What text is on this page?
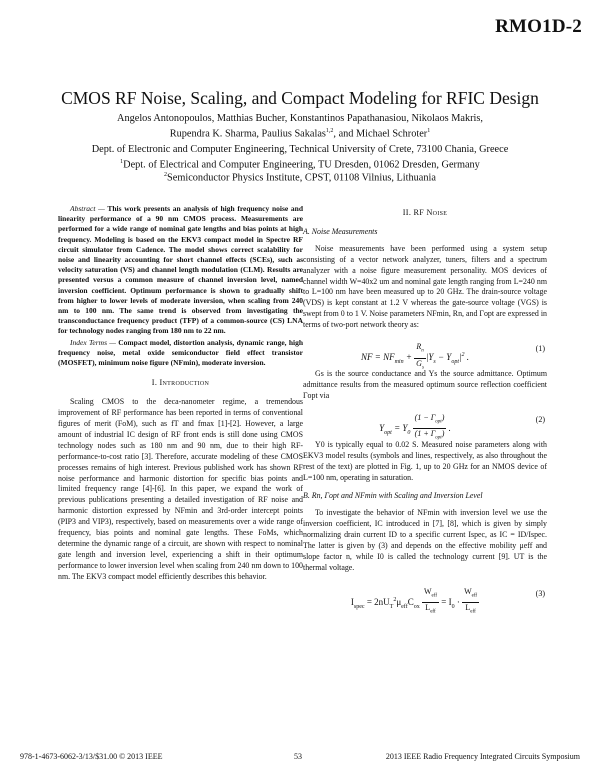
RMO1D-2
CMOS RF Noise, Scaling, and Compact Modeling for RFIC Design
Angelos Antonopoulos, Matthias Bucher, Konstantinos Papathanasiou, Nikolaos Makris,
Rupendra K. Sharma, Paulius Sakalas$^{1,2}$, and Michael Schroter$^1$
Dept. of Electronic and Computer Engineering, Technical University of Crete, 73100 Chania, Greece
$^1$Dept. of Electrical and Computer Engineering, TU Dresden, 01062 Dresden, Germany
$^2$Semiconductor Physics Institute, CPST, 01108 Vilnius, Lithuania

Abstract — This work presents an analysis of high frequency noise and linearity performance of a 90 nm CMOS process. Measurements are performed for a wide range of nominal gate lengths and bias points at high frequency. Modeling is based on the EKV3 compact model in Spectre RF circuit simulator from Cadence. The model shows correct scalability for noise and linearity accounting for short channel effects (SCEs), such as velocity saturation (VS) and channel length modulation (CLM). Results are presented versus a common measure of channel inversion level, named inversion coefficient. Optimum performance is shown to gradually shift from higher to lower levels of moderate inversion, when scaling from 240 nm to 100 nm. The same trend is observed from investigating the transconductance frequency product (TFP) of a common-source (CS) LNA for technology nodes ranging from 180 nm to 22 nm.

Index Terms — Compact model, distortion analysis, dynamic range, high frequency noise, metal oxide semiconductor field effect transistor (MOSFET), minimum noise figure (NFmin), moderate inversion.

I. Introduction

Scaling CMOS to the deca-nanometer regime, a tremendous improvement of RF performance has been reported in terms of conventional figures of merit (FoM), such as fT and fmax [1]-[2]. However, a large amount of industrial IC design of RF front ends is still done using CMOS technology nodes such as 180 nm and 90 nm, due to their high RF-performance-to-cost ratio [3]. Therefore, accurate modeling of these CMOS processes remains of high interest. Previous published work has shown RF noise performance and harmonic distortion for specific bias points and limited frequency range [4]-[6]. In this paper, we expand the work of previous publications presenting a detailed investigation of RF noise and harmonic distortion expressed by NFmin and 3rd-order intercept points (PIP3 and VIP3), respectively, based on measurements over a wide range of frequency, bias points and nominal gate lengths. These FoMs, which determine the dynamic range of a circuit, are shown with respect to nominal gate length and inversion level, experiencing a shift in their optimum performance to lower inversion level when scaling from 240 nm down to 100 nm. The EKV3 compact model efficiently describes this behavior.

II. RF Noise
A. Noise Measurements

Noise measurements have been performed using a system setup consisting of a vector network analyzer, tuners, filters and a spectrum analyzer with a noise figure measurement personality. MOS devices of channel width W=40x2 um and nominal gate length ranging from L=240 nm to L=100 nm have been measured up to 20 GHz. The drain-source voltage (VDS) is kept constant at 1.2 V whereas the gate-source voltage (VGS) is swept from 0 to 1 V. Noise parameters NFmin, Rn, and Γopt are expressed in terms of two-port network theory as:

NF = $NF_{min} + \frac{R_n}{G_s} |Y_s - Y_{opt}|^2$ .
(1)

Gs is the source conductance and Ys the source admittance. Optimum admittance results from the measured optimum source reflection coefficient Γopt via

$Y_{opt} = Y_0 \frac{(1 - \Gamma_{opt})}{(1 + \Gamma_{opt})}$ .
(2)

Y0 is typically equal to 0.02 S. Measured noise parameters along with EKV3 model results (symbols and lines, respectively, as also throughout the rest of the text) are plotted in Fig. 1, up to 20 GHz for an NMOS device of L=100 nm, operating in saturation.

B. Rn, Γopt and NFmin with Scaling and Inversion Level

To investigate the behavior of NFmin with inversion level we use the inversion coefficient, IC introduced in [7], [8], which is given by simply normalizing drain current ID to a specific current Ispec, as IC = ID/Ispec. The latter is given by (3) and depends on the effective mobility μeff and slope factor n, while I0 is called the technology current [9]. UT is the thermal voltage.

$I_{spec} = 2nU_T^2\mu_{eff}C_{ox} \frac{W_{eff}}{L_{eff}} = I_0 \cdot \frac{W_{eff}}{L_{eff}}$	(3)
978-1-4673-6062-3/13/$31.00 © 2013 IEEE	53	2013 IEEE Radio Frequency Integrated Circuits Symposium
